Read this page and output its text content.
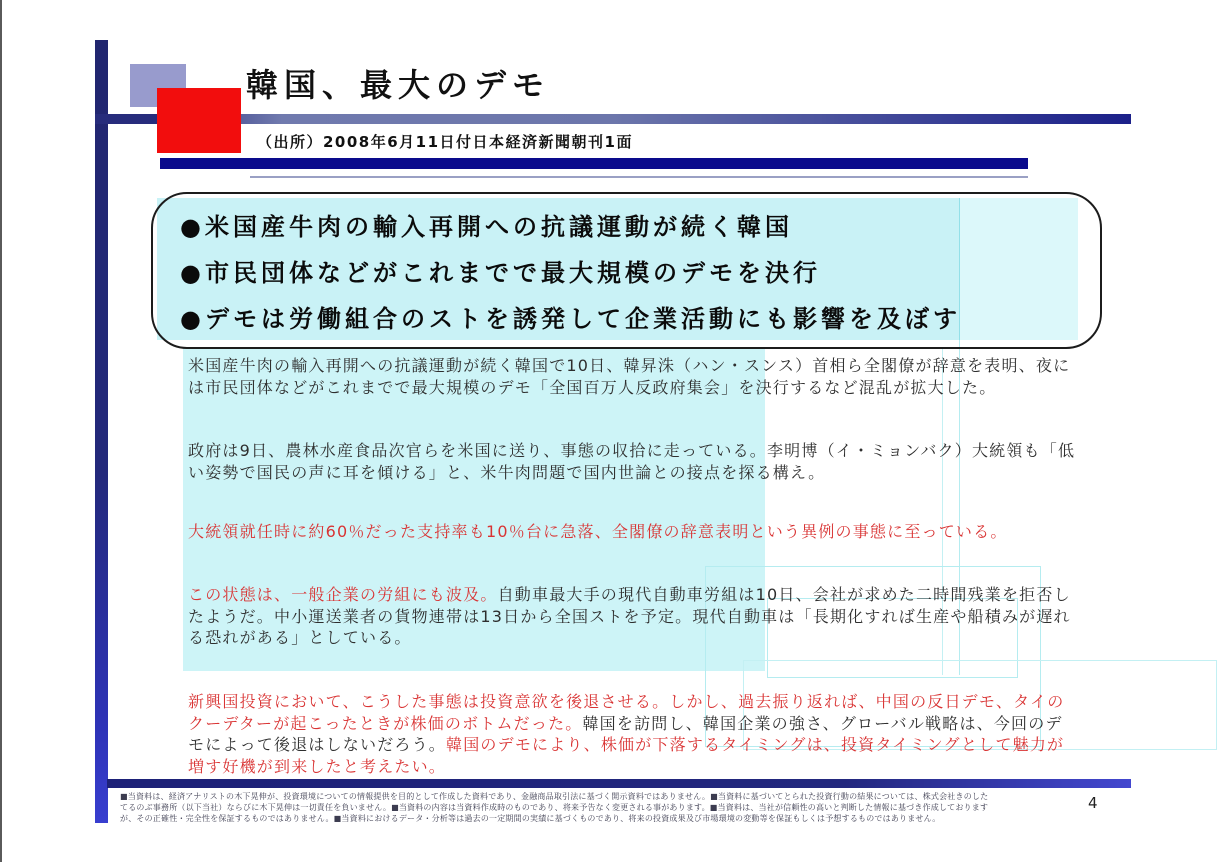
韓国、最大のデモ
（出所）2008年6月11日付日本経済新聞朝刊1面
●米国産牛肉の輸入再開への抗議運動が続く韓国
●市民団体などがこれまでで最大規模のデモを決行
●デモは労働組合のストを誘発して企業活動にも影響を及ぼす
米国産牛肉の輸入再開への抗議運動が続く韓国で10日、韓昇洙（ハン・スンス）首相ら全閣僚が辞意を表明、夜には市民団体などがこれまでで最大規模のデモ「全国百万人反政府集会」を決行するなど混乱が拡大した。
政府は9日、農林水産食品次官らを米国に送り、事態の収拾に走っている。李明博（イ・ミョンバク）大統領も「低い姿勢で国民の声に耳を傾ける」と、米牛肉問題で国内世論との接点を探る構え。
大統領就任時に約60％だった支持率も10％台に急落、全閣僚の辞意表明という異例の事態に至っている。
この状態は、一般企業の労組にも波及。自動車最大手の現代自動車労組は10日、会社が求めた二時間残業を拒否したようだ。中小運送業者の貨物連帯は13日から全国ストを予定。現代自動車は「長期化すれば生産や船積みが遅れる恐れがある」としている。
新興国投資において、こうした事態は投資意欲を後退させる。しかし、過去振り返れば、中国の反日デモ、タイのクーデターが起こったときが株価のボトムだった。韓国を訪問し、韓国企業の強さ、グローバル戦略は、今回のデモによって後退はしないだろう。韓国のデモにより、株価が下落するタイミングは、投資タイミングとして魅力が増す好機が到来したと考えたい。
■当資料は、経済アナリストの木下晃伸が、投資環境についての情報提供を目的として作成した資料であり、金融商品取引法に基づく開示資料ではありません。■当資料に基づいてとられた投資行動の結果については、株式会社きのした
てるのぶ事務所（以下当社）ならびに木下晃伸は一切責任を負いません。■当資料の内容は当資料作成時のものであり、将来予告なく変更される事があります。■当資料は、当社が信頼性の高いと判断した情報に基づき作成しております
が、その正確性・完全性を保証するものではありません。■当資料におけるデータ・分析等は過去の一定期間の実績に基づくものであり、将来の投資成果及び市場環境の変動等を保証もしくは予想するものではありません。
4
